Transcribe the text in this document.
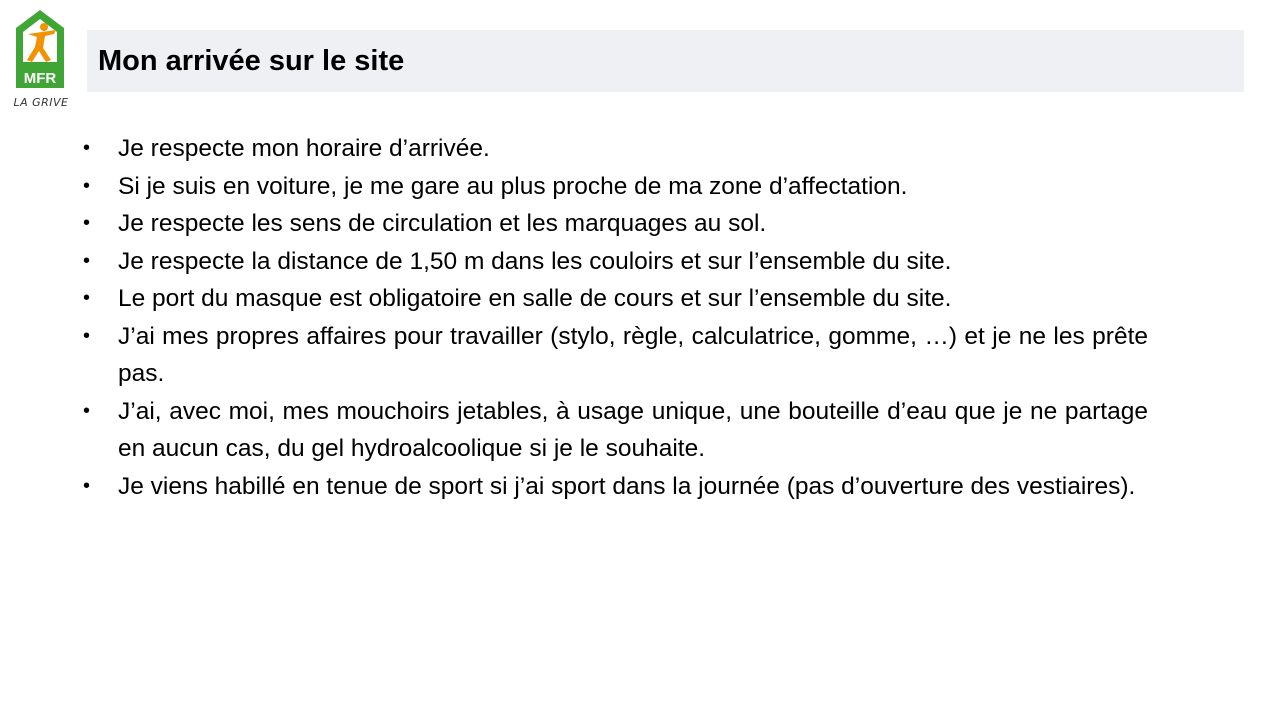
MFR
LA GRIVE
Mon arrivée sur le site
• Je respecte mon horaire d’arrivée.
• Si je suis en voiture, je me gare au plus proche de ma zone d’affectation.
• Je respecte les sens de circulation et les marquages au sol.
• Je respecte la distance de 1,50 m dans les couloirs et sur l’ensemble du site.
• Le port du masque est obligatoire en salle de cours et sur l’ensemble du site.
• J’ai mes propres affaires pour travailler (stylo, règle, calculatrice, gomme, …) et je ne les prête pas.
• J’ai, avec moi, mes mouchoirs jetables, à usage unique, une bouteille d’eau que je ne partage en aucun cas, du gel hydroalcoolique si je le souhaite.
• Je viens habillé en tenue de sport si j’ai sport dans la journée (pas d’ouverture des vestiaires).
